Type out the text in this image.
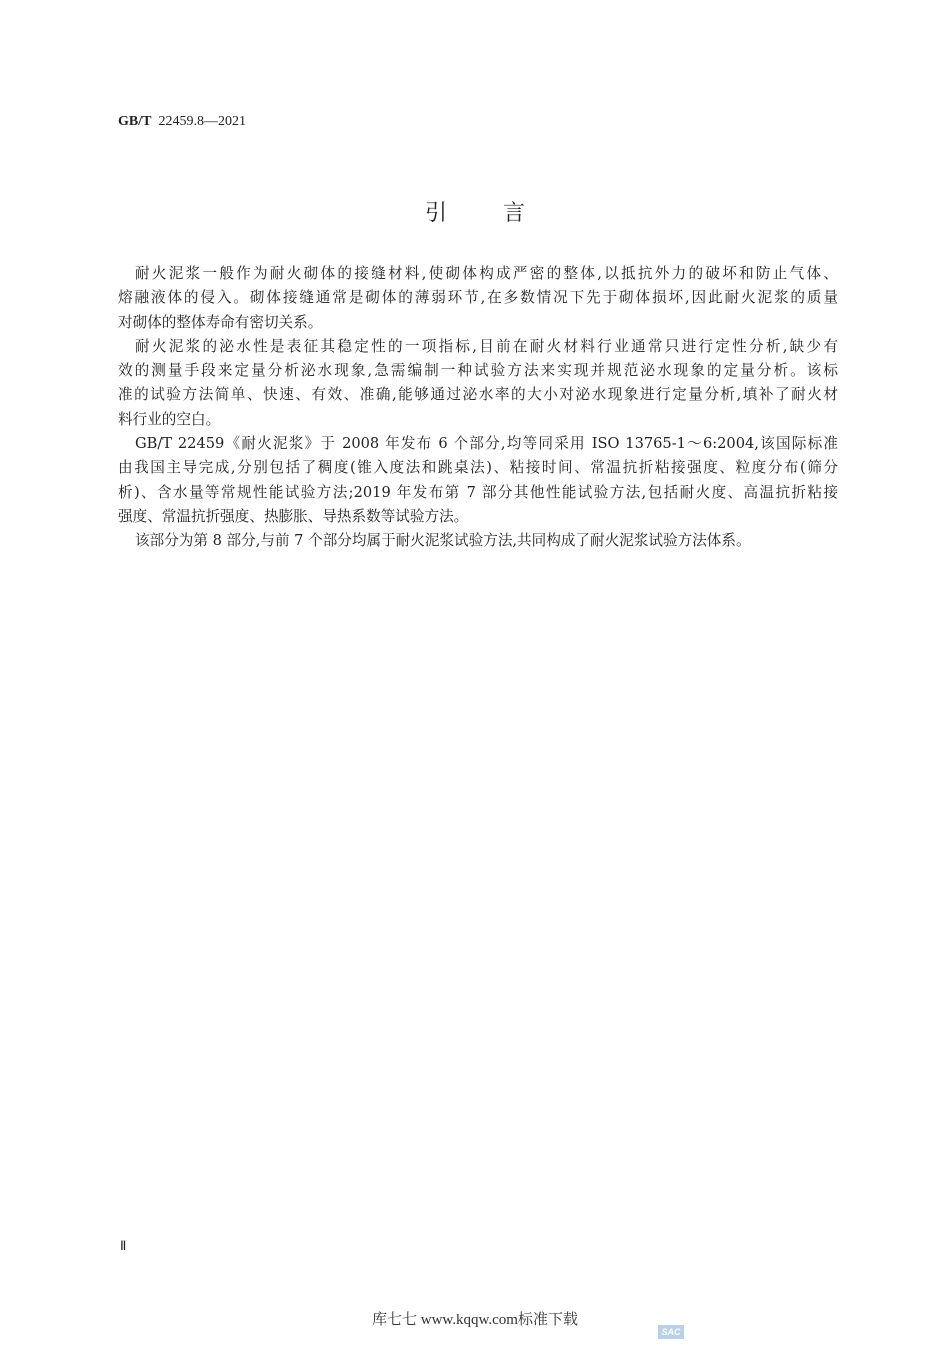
GB/T 22459.8—2021
引言
耐火泥浆一般作为耐火砌体的接缝材料,使砌体构成严密的整体,以抵抗外力的破坏和防止气体、
熔融液体的侵入。砌体接缝通常是砌体的薄弱环节,在多数情况下先于砌体损坏,因此耐火泥浆的质量
对砌体的整体寿命有密切关系。
耐火泥浆的泌水性是表征其稳定性的一项指标,目前在耐火材料行业通常只进行定性分析,缺少有
效的测量手段来定量分析泌水现象,急需编制一种试验方法来实现并规范泌水现象的定量分析。该标
准的试验方法简单、快速、有效、准确,能够通过泌水率的大小对泌水现象进行定量分析,填补了耐火材
料行业的空白。
GB/T 22459《耐火泥浆》于 2008 年发布 6 个部分,均等同采用 ISO 13765-1～6:2004,该国际标准
由我国主导完成,分别包括了稠度(锥入度法和跳桌法)、粘接时间、常温抗折粘接强度、粒度分布(筛分
析)、含水量等常规性能试验方法;2019 年发布第 7 部分其他性能试验方法,包括耐火度、高温抗折粘接
强度、常温抗折强度、热膨胀、导热系数等试验方法。
该部分为第 8 部分,与前 7 个部分均属于耐火泥浆试验方法,共同构成了耐火泥浆试验方法体系。
Ⅱ
库七七 www.kqqw.com标准下载
SAC
